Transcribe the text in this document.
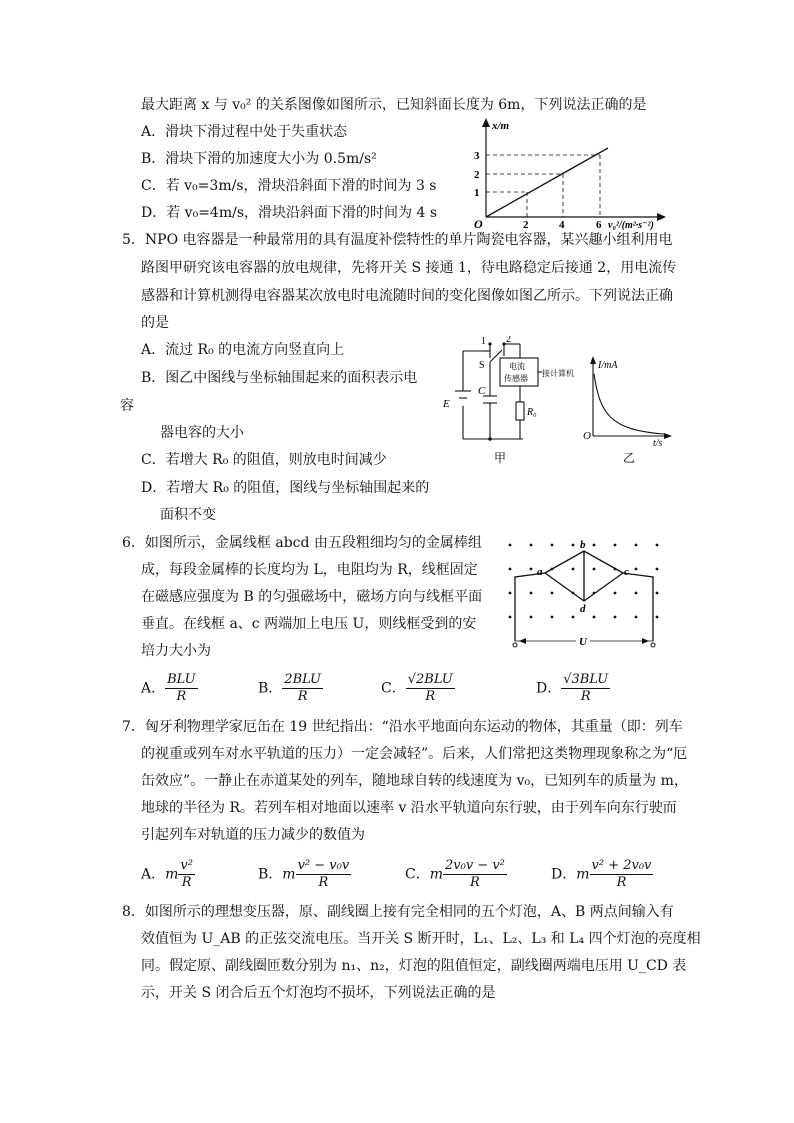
最大距离 x 与 v₀² 的关系图像如图所示，已知斜面长度为 6m，下列说法正确的是
A．滑块下滑过程中处于失重状态
B．滑块下滑的加速度大小为 0.5m/s²
C．若 v₀=3m/s，滑块沿斜面下滑的时间为 3 s
D．若 v₀=4m/s，滑块沿斜面下滑的时间为 4 s
x/m
O
1
2
3
2	4	6 v₀²/(m²·s⁻²)
5．NPO 电容器是一种最常用的具有温度补偿特性的单片陶瓷电容器，某兴趣小组利用电
路图甲研究该电容器的放电规律，先将开关 S 接通 1，待电路稳定后接通 2，用电流传
感器和计算机测得电容器某次放电时电流随时间的变化图像如图乙所示。下列说法正确
的是
A．流过 R₀ 的电流方向竖直向上
B．图乙中图线与坐标轴围起来的面积表示电
容
器电容的大小
C．若增大 R₀ 的阻值，则放电时间减少
D．若增大 R₀ 的阻值，图线与坐标轴围起来的
面积不变
1 2
S
E
C
R₀
电流
传感器
接计算机
甲
I/mA
O
t/s
乙
6．如图所示，金属线框 abcd 由五段粗细均匀的金属棒组
成，每段金属棒的长度均为 L，电阻均为 R，线框固定
在磁感应强度为 B 的匀强磁场中，磁场方向与线框平面
垂直。在线框 a、c 两端加上电压 U，则线框受到的安
培力大小为
U
a
b
c
d
A． $\frac{\text{BLU}}{R}$	B． $\frac{\text{2BLU}}{R}$	C． $\frac{\text{√2BLU}}{R}$	D． $\frac{\text{√3BLU}}{R}$
7．匈牙利物理学家厄缶在 19 世纪指出：“沿水平地面向东运动的物体，其重量（即：列车
的视重或列车对水平轨道的压力）一定会减轻”。后来，人们常把这类物理现象称之为“厄
缶效应”。一静止在赤道某处的列车，随地球自转的线速度为 v₀，已知列车的质量为 m，
地球的半径为 R。若列车相对地面以速率 v 沿水平轨道向东行驶，由于列车向东行驶而
引起列车对轨道的压力减少的数值为
A．m $\frac{\text{v²}}{R}$	B．m $\frac{\text{v² − v₀v}}{R}$	C．m $\frac{\text{2v₀v − v²}}{R}$	D．m $\frac{\text{v² + 2v₀v}}{R}$
8．如图所示的理想变压器，原、副线圈上接有完全相同的五个灯泡，A、B 两点间输入有
效值恒为 U_AB 的正弦交流电压。当开关 S 断开时，L₁、L₂、L₃ 和 L₄ 四个灯泡的亮度相
同。假定原、副线圈匝数分别为 n₁、n₂，灯泡的阻值恒定，副线圈两端电压用 U_CD 表
示，开关 S 闭合后五个灯泡均不损坏，下列说法正确的是
